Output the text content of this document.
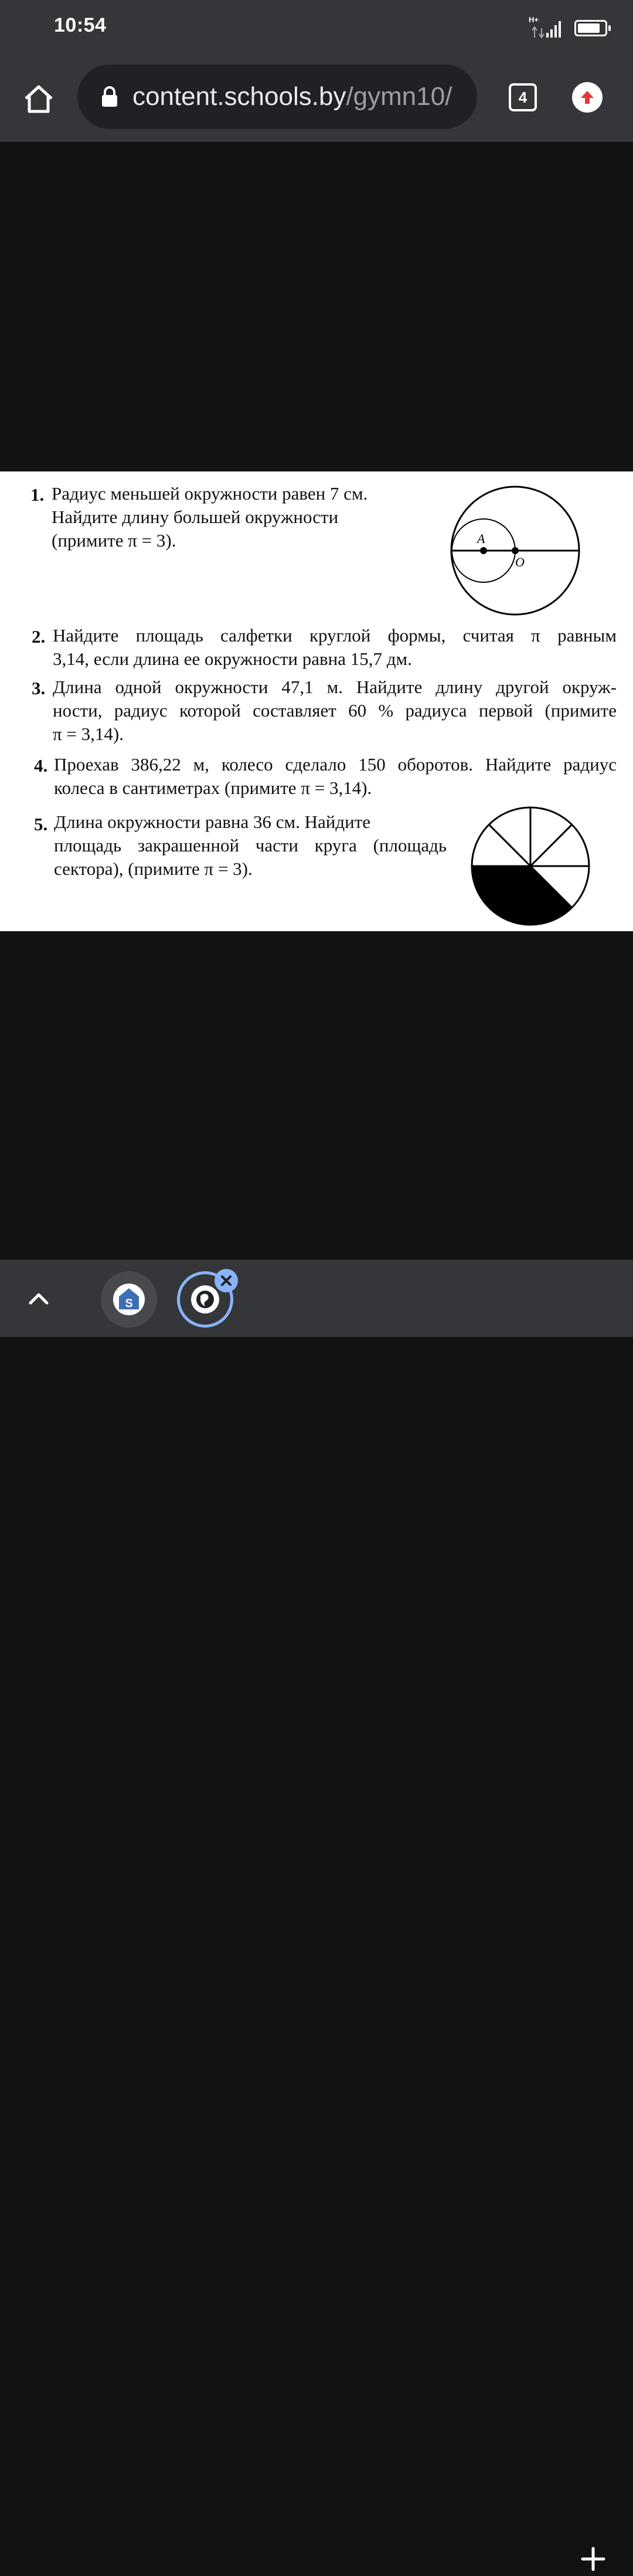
10:54	H+
content.schools.by /gymn10/	4
1. Радиус меньшей окружности равен 7 см.
Найдите длину большей окружности
(примите π = 3).	A
O
2. Найдите площадь салфетки круглой формы, считая π равным
3,14, если длина ее окружности равна 15,7 дм.
3. Длина одной окружности 47,1 м. Найдите длину другой окруж-
ности, радиус которой составляет 60 % радиуса первой (примите
π = 3,14).
4. Проехав 386,22 м, колесо сделало 150 оборотов. Найдите радиус
колеса в сантиметрах (примите π = 3,14).
5. Длина окружности равна 36 см. Найдите
площадь закрашенной части круга (площадь
сектора), (примите π = 3).
S
